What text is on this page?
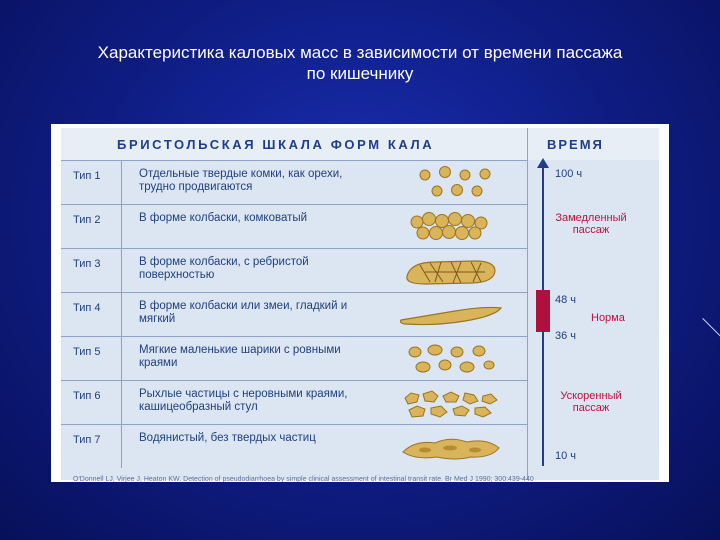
Характеристика каловых масс в зависимости от времени пассажа
по кишечнику
БРИСТОЛЬСКАЯ ШКАЛА ФОРМ КАЛА	ВРЕМЯ
Тип 1	Отдельные твердые комки, как орехи, трудно продвигаются
Тип 2	В форме колбаски, комковатый
Тип 3	В форме колбаски, с ребристой поверхностью
Тип 4	В форме колбаски или змеи, гладкий и мягкий
Тип 5	Мягкие маленькие шарики с ровными краями
Тип 6	Рыхлые частицы с неровными краями, кашицеобразный стул
Тип 7	Водянистый, без твердых частиц
100 ч
Замедленный пассаж
48 ч
Норма
36 ч
Ускоренный пассаж
10 ч
O'Donnell LJ, Virjee J, Heaton KW. Detection of pseudodiarrhoea by simple clinical assessment of intestinal transit rate. Br Med J 1990; 300:439-440
